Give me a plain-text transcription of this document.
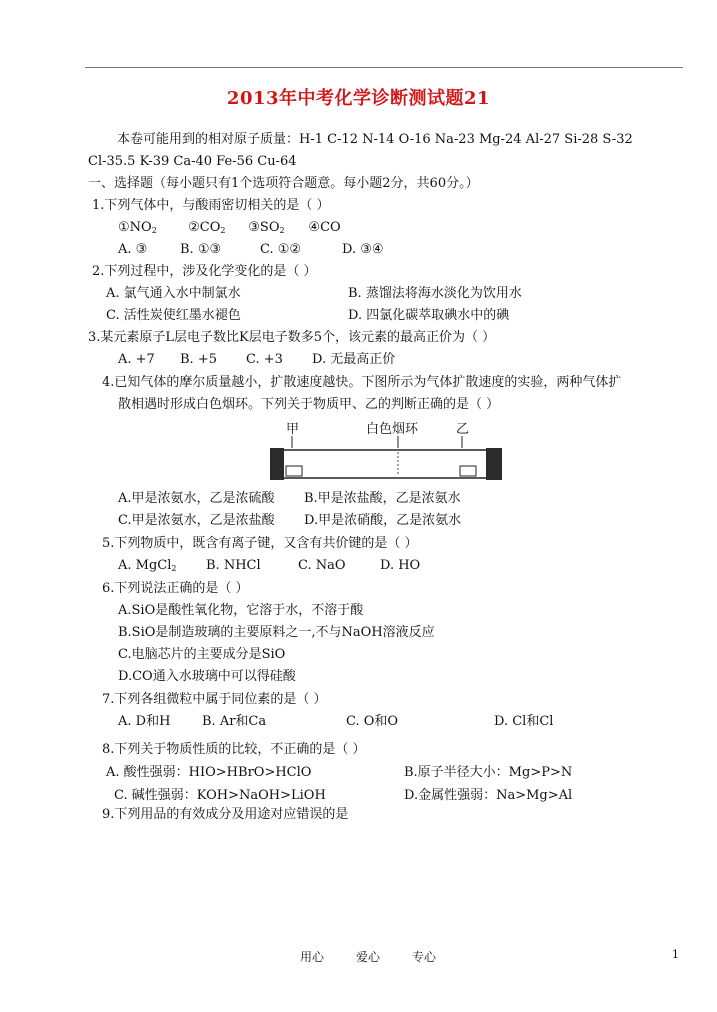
2013年中考化学诊断测试题21
本卷可能用到的相对原子质量：H-1 C-12 N-14 O-16 Na-23 Mg-24 Al-27 Si-28 S-32
Cl-35.5 K-39 Ca-40 Fe-56 Cu-64
一、选择题（每小题只有1个选项符合题意。每小题2分，共60分。）
1.下列气体中，与酸雨密切相关的是（ ）
$①NO_2$ $②CO_2$ $③SO_2$ ④CO
A. ③	B. ①③	C. ①②	D. ③④
2.下列过程中，涉及化学变化的是（ ）
A. 氯气通入水中制氯水	B. 蒸馏法将海水淡化为饮用水
C. 活性炭使红墨水褪色	D. 四氯化碳萃取碘水中的碘
3.某元素原子L层电子数比K层电子数多5个，该元素的最高正价为（ ）
A. +7 B. +5 C. +3 D. 无最高正价
4.已知气体的摩尔质量越小，扩散速度越快。下图所示为气体扩散速度的实验，两种气体扩
散相遇时形成白色烟环。下列关于物质甲、乙的判断正确的是（ ）
甲	白色烟环	乙
A.甲是浓氨水，乙是浓硫酸 B.甲是浓盐酸，乙是浓氨水
C.甲是浓氨水，乙是浓盐酸 D.甲是浓硝酸，乙是浓氨水
5.下列物质中，既含有离子键，又含有共价键的是（ ）
A. MgCl$_2$ B. NHCl	C. NaO	D. HO
6.下列说法正确的是（ ）
A.SiO是酸性氧化物，它溶于水，不溶于酸
B.SiO是制造玻璃的主要原料之一,不与NaOH溶液反应
C.电脑芯片的主要成分是SiO
D.CO通入水玻璃中可以得硅酸
7.下列各组微粒中属于同位素的是（ ）
A. D和H B. Ar和Ca	C. O和O	D. Cl和Cl
8.下列关于物质性质的比较，不正确的是（ ）
A. 酸性强弱：HIO>HBrO>HClO	B.原子半径大小：Mg>P>N
C. 碱性强弱：KOH>NaOH>LiOH	D.金属性强弱：Na>Mg>Al
9.下列用品的有效成分及用途对应错误的是
用心	爱心	专心	1
